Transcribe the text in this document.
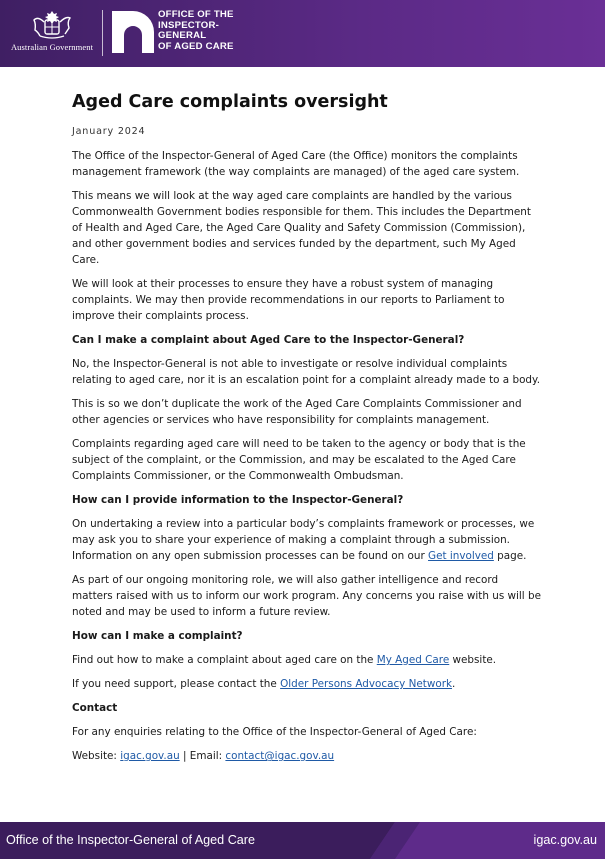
Australian Government
OFFICE OF THE
INSPECTOR-
GENERAL
OF AGED CARE
Aged Care complaints oversight
January 2024

The Office of the Inspector-General of Aged Care (the Office) monitors the complaints management framework (the way complaints are managed) of the aged care system.

This means we will look at the way aged care complaints are handled by the various Commonwealth Government bodies responsible for them. This includes the Department of Health and Aged Care, the Aged Care Quality and Safety Commission (Commission), and other government bodies and services funded by the department, such My Aged Care.

We will look at their processes to ensure they have a robust system of managing complaints. We may then provide recommendations in our reports to Parliament to improve their complaints process.

Can I make a complaint about Aged Care to the Inspector-General?

No, the Inspector-General is not able to investigate or resolve individual complaints relating to aged care, nor it is an escalation point for a complaint already made to a body.

This is so we don’t duplicate the work of the Aged Care Complaints Commissioner and other agencies or services who have responsibility for complaints management.

Complaints regarding aged care will need to be taken to the agency or body that is the subject of the complaint, or the Commission, and may be escalated to the Aged Care Complaints Commissioner, or the Commonwealth Ombudsman.

How can I provide information to the Inspector-General?

On undertaking a review into a particular body’s complaints framework or processes, we may ask you to share your experience of making a complaint through a submission. Information on any open submission processes can be found on our Get involved page.

As part of our ongoing monitoring role, we will also gather intelligence and record matters raised with us to inform our work program. Any concerns you raise with us will be noted and may be used to inform a future review.

How can I make a complaint?

Find out how to make a complaint about aged care on the My Aged Care website.

If you need support, please contact the Older Persons Advocacy Network.

Contact

For any enquiries relating to the Office of the Inspector-General of Aged Care:

Website: igac.gov.au | Email: contact@igac.gov.au

Office of the Inspector-General of Aged Care	igac.gov.au
